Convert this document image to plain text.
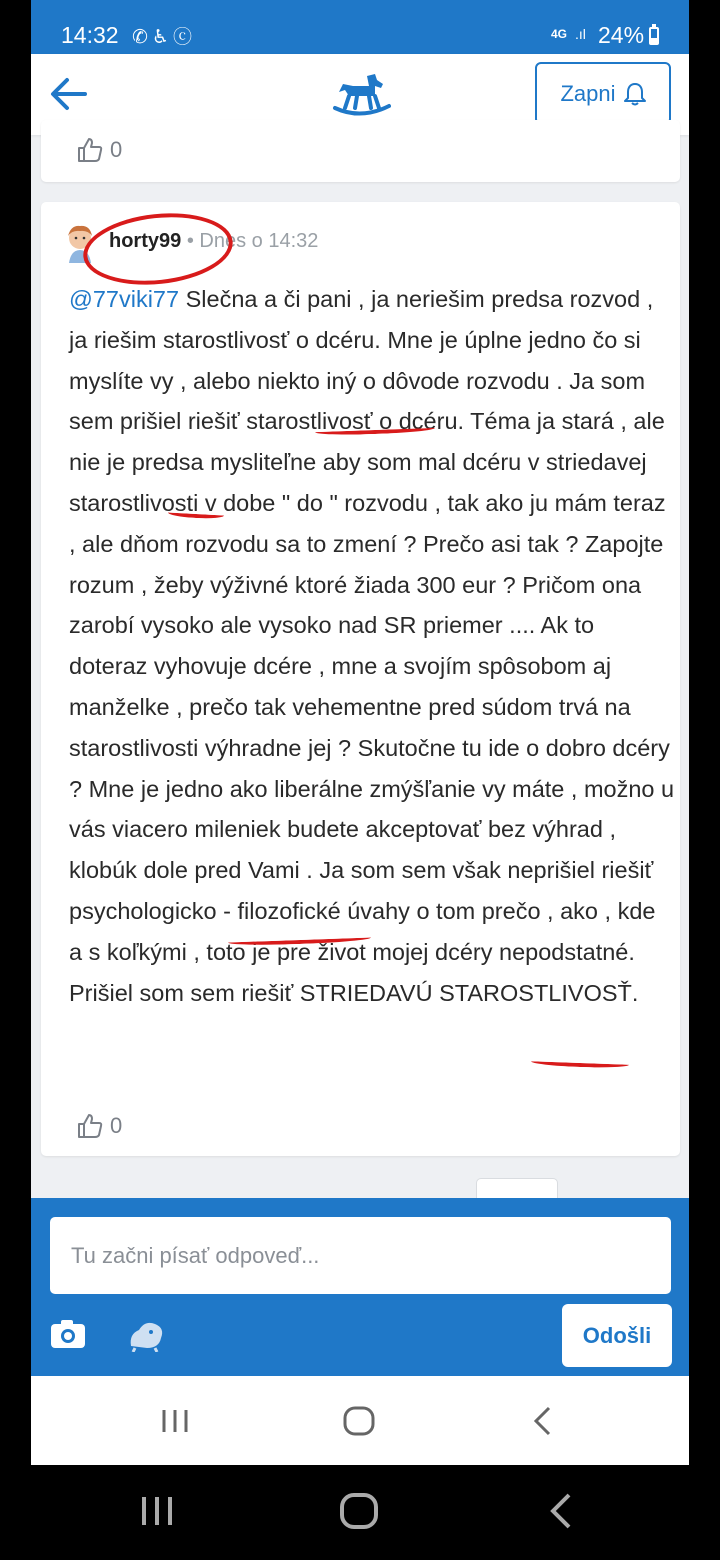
14:32 ✆♿ⓒ	4G .ıl 24%
Zapni
0
horty99 • Dnes o 14:32
@77viki77 Slečna a či pani , ja neriešim predsa rozvod , ja riešim starostlivosť o dcéru. Mne je úplne jedno čo si myslíte vy , alebo niekto iný o dôvode rozvodu . Ja som sem prišiel riešiť starostlivosť o dcéru. Téma ja stará , ale nie je predsa mysliteľne aby som mal dcéru v striedavej starostlivosti v dobe " do " rozvodu , tak ako ju mám teraz , ale dňom rozvodu sa to zmení ? Prečo asi tak ? Zapojte rozum , žeby výživné ktoré žiada 300 eur ? Pričom ona zarobí vysoko ale vysoko nad SR priemer .... Ak to doteraz vyhovuje dcére , mne a svojím spôsobom aj manželke , prečo tak vehementne pred súdom trvá na starostlivosti výhradne jej ? Skutočne tu ide o dobro dcéry ? Mne je jedno ako liberálne zmýšľanie vy máte , možno u vás viacero mileniek budete akceptovať bez výhrad , klobúk dole pred Vami . Ja som sem však neprišiel riešiť psychologicko - filozofické úvahy o tom prečo , ako , kde a s koľkými , toto je pre život mojej dcéry nepodstatné. Prišiel som sem riešiť STRIEDAVÚ STAROSTLIVOSŤ.
0
Tu začni písať odpoveď...
Odošli
